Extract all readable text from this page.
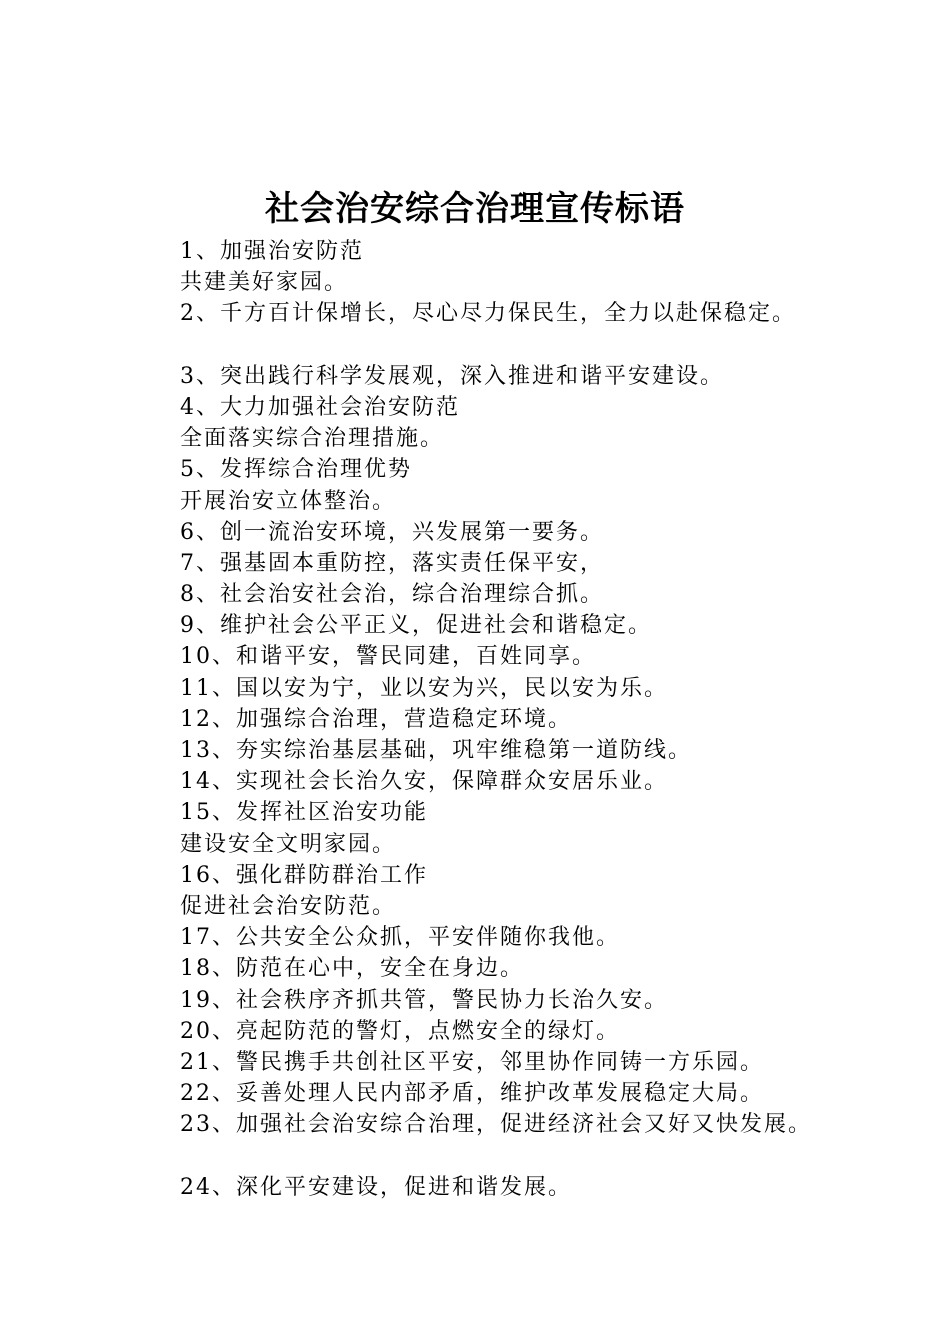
社会治安综合治理宣传标语
1、加强治安防范
共建美好家园。
2、千方百计保增长，尽心尽力保民生，全力以赴保稳定。
3、突出践行科学发展观，深入推进和谐平安建设。
4、大力加强社会治安防范
全面落实综合治理措施。
5、发挥综合治理优势
开展治安立体整治。
6、创一流治安环境，兴发展第一要务。
7、强基固本重防控，落实责任保平安，
8、社会治安社会治，综合治理综合抓。
9、维护社会公平正义，促进社会和谐稳定。
10、和谐平安，警民同建，百姓同享。
11、国以安为宁，业以安为兴，民以安为乐。
12、加强综合治理，营造稳定环境。
13、夯实综治基层基础，巩牢维稳第一道防线。
14、实现社会长治久安，保障群众安居乐业。
15、发挥社区治安功能
建设安全文明家园。
16、强化群防群治工作
促进社会治安防范。
17、公共安全公众抓，平安伴随你我他。
18、防范在心中，安全在身边。
19、社会秩序齐抓共管，警民协力长治久安。
20、亮起防范的警灯，点燃安全的绿灯。
21、警民携手共创社区平安，邻里协作同铸一方乐园。
22、妥善处理人民内部矛盾，维护改革发展稳定大局。
23、加强社会治安综合治理，促进经济社会又好又快发展。
24、深化平安建设，促进和谐发展。
